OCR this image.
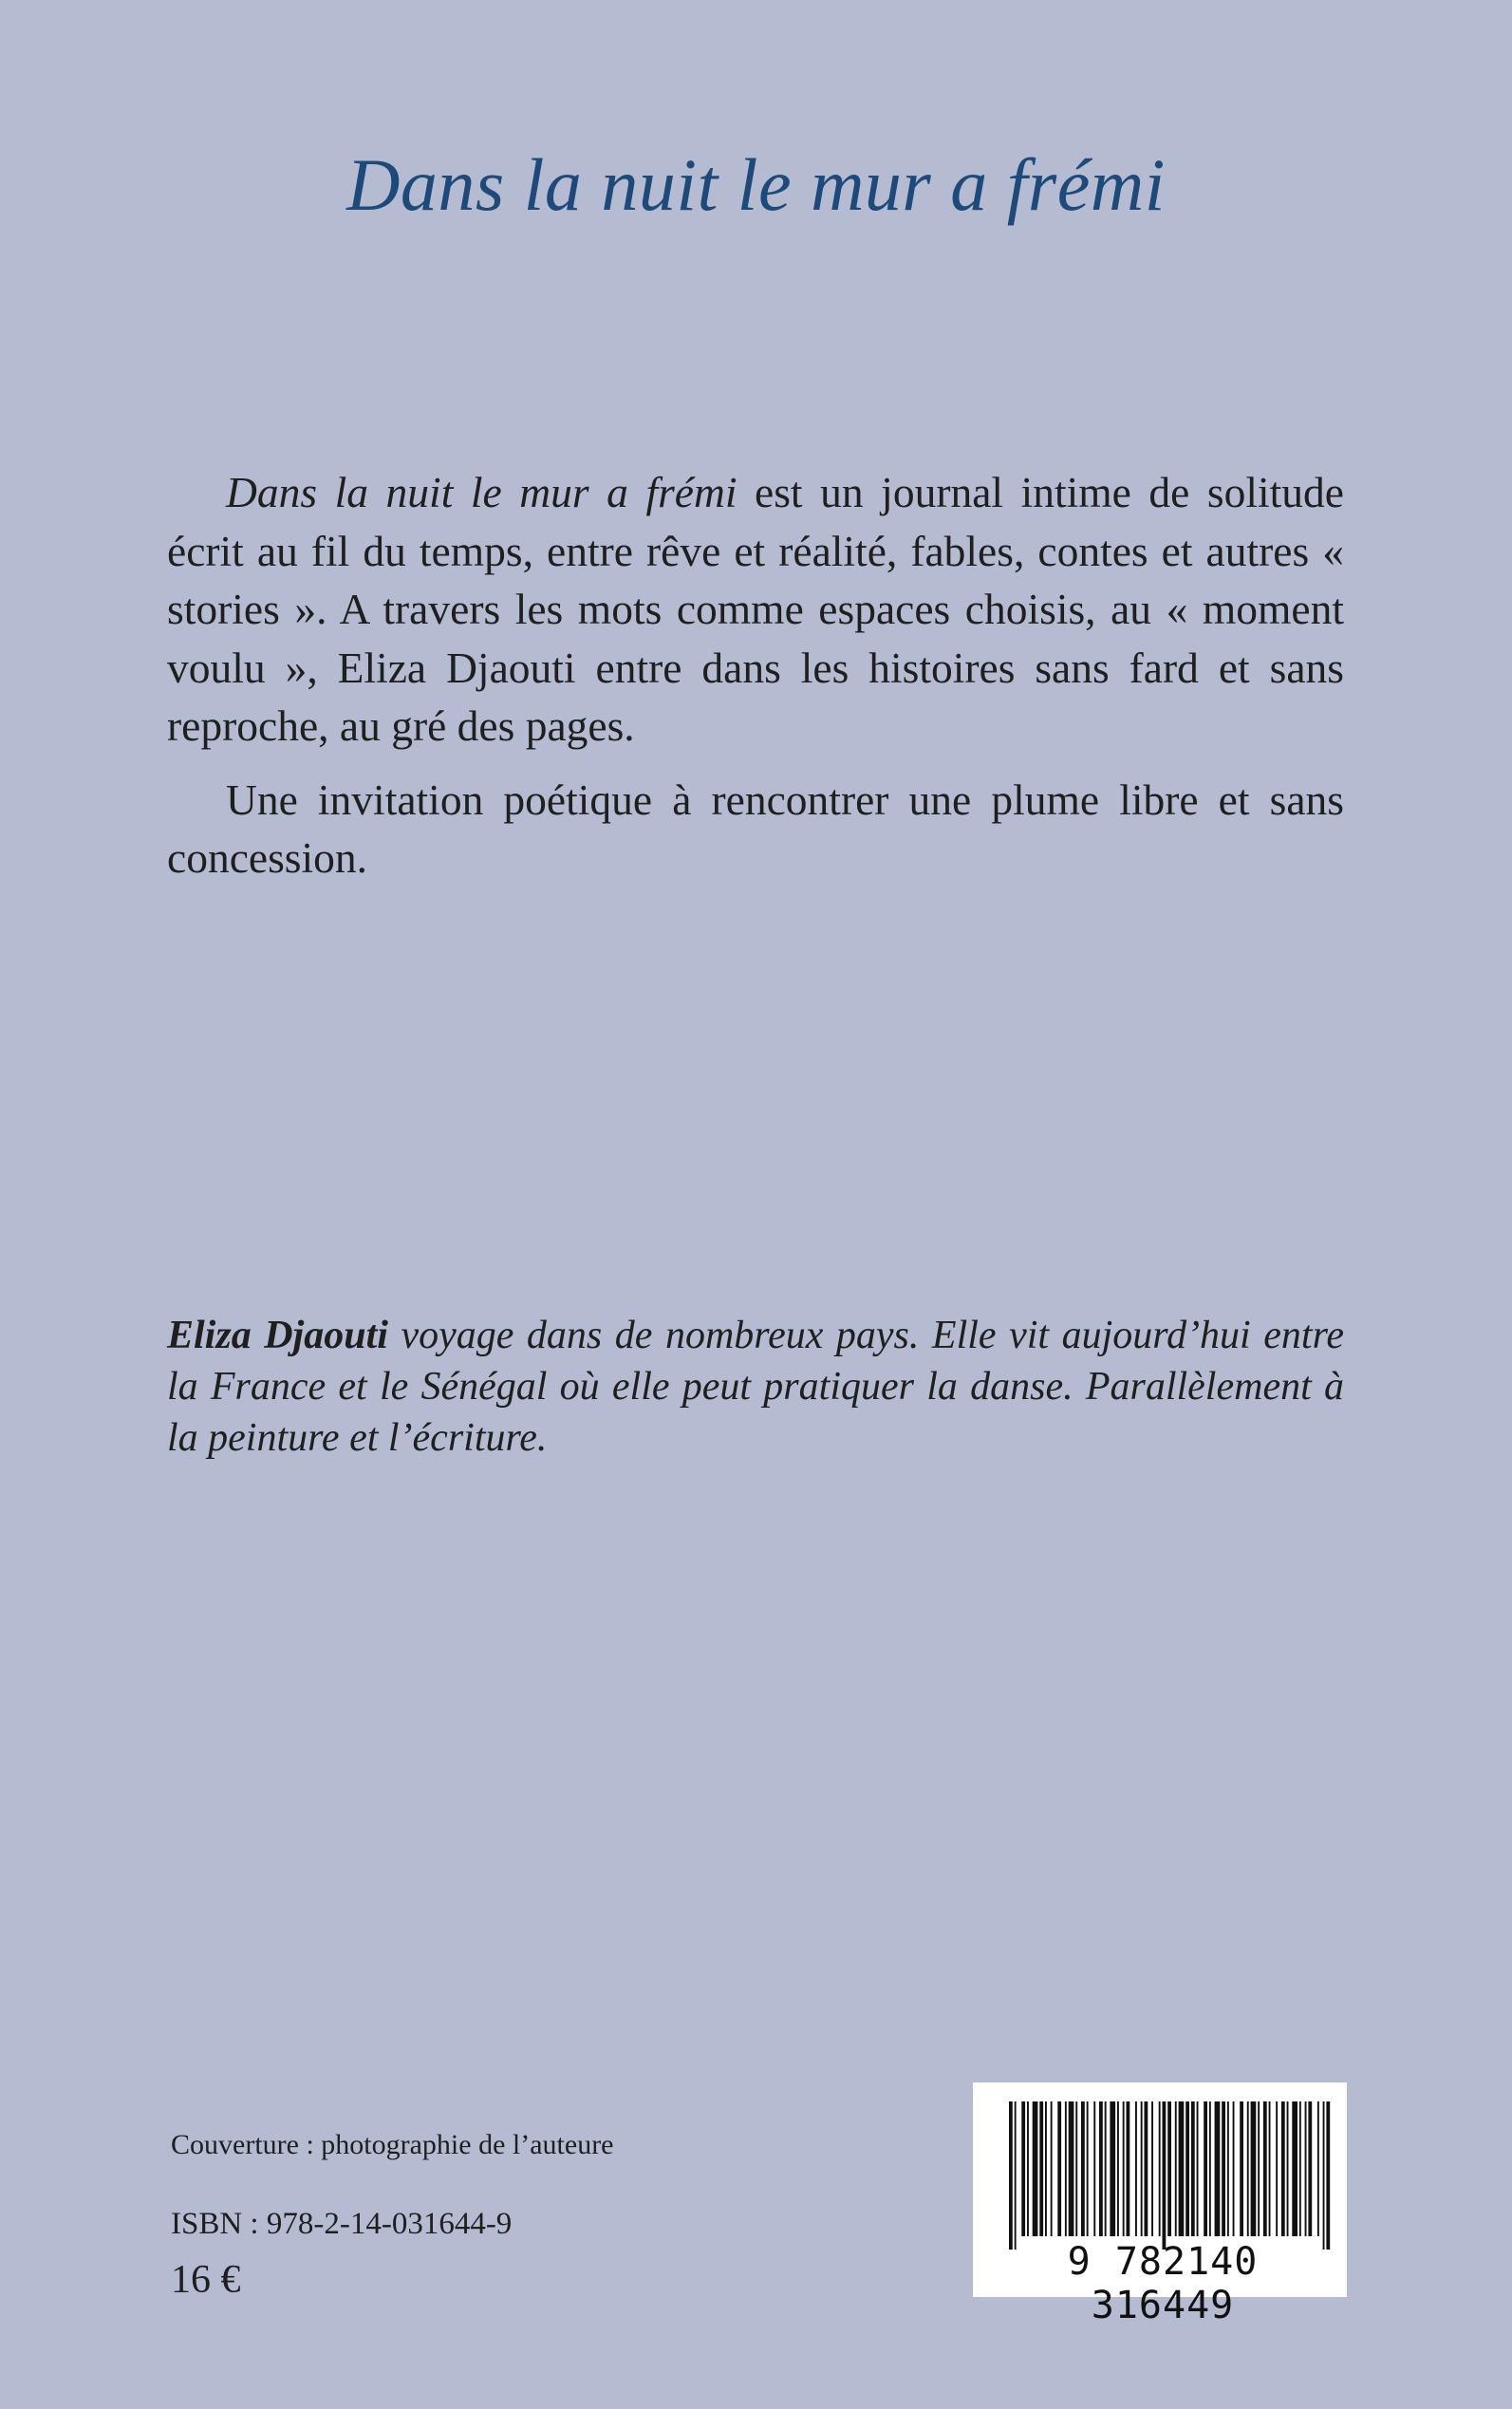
Dans la nuit le mur a frémi

Dans la nuit le mur a frémi est un journal intime de solitude écrit au fil du temps, entre rêve et réalité, fables, contes et autres « stories ». A travers les mots comme espaces choisis, au « moment voulu », Eliza Djaouti entre dans les histoires sans fard et sans reproche, au gré des pages.

Une invitation poétique à rencontrer une plume libre et sans concession.

Eliza Djaouti voyage dans de nombreux pays. Elle vit aujourd’hui entre la France et le Sénégal où elle peut pratiquer la danse. Parallèlement à la peinture et l’écriture.

Couverture : photographie de l’auteure

ISBN : 978-2-14-031644-9

16 €	9 782140 316449
